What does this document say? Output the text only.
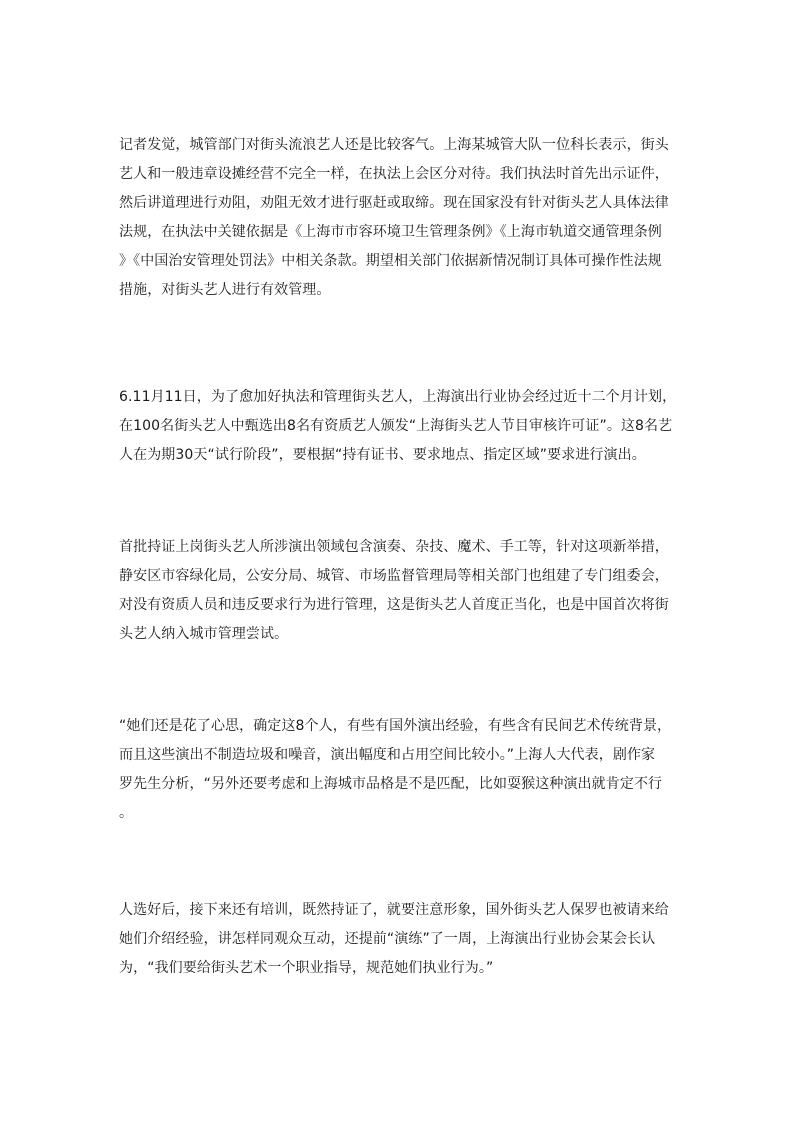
记者发觉，城管部门对街头流浪艺人还是比较客气。上海某城管大队一位科长表示，街头
艺人和一般违章设摊经营不完全一样，在执法上会区分对待。我们执法时首先出示证件，
然后讲道理进行劝阻，劝阻无效才进行驱赶或取缔。现在国家没有针对街头艺人具体法律
法规，在执法中关键依据是《上海市市容环境卫生管理条例》《上海市轨道交通管理条例
》《中国治安管理处罚法》中相关条款。期望相关部门依据新情况制订具体可操作性法规
措施，对街头艺人进行有效管理。
6.11月11日，为了愈加好执法和管理街头艺人，上海演出行业协会经过近十二个月计划，
在100名街头艺人中甄选出8名有资质艺人颁发“上海街头艺人节目审核许可证”。这8名艺
人在为期30天“试行阶段”，要根据“持有证书、要求地点、指定区域”要求进行演出。
首批持证上岗街头艺人所涉演出领域包含演奏、杂技、魔术、手工等，针对这项新举措，
静安区市容绿化局，公安分局、城管、市场监督管理局等相关部门也组建了专门组委会，
对没有资质人员和违反要求行为进行管理，这是街头艺人首度正当化，也是中国首次将街
头艺人纳入城市管理尝试。
“她们还是花了心思，确定这8个人，有些有国外演出经验，有些含有民间艺术传统背景，
而且这些演出不制造垃圾和噪音，演出幅度和占用空间比较小。”上海人大代表，剧作家
罗先生分析，“另外还要考虑和上海城市品格是不是匹配，比如耍猴这种演出就肯定不行
。
人选好后，接下来还有培训，既然持证了，就要注意形象，国外街头艺人保罗也被请来给
她们介绍经验，讲怎样同观众互动，还提前“演练”了一周，上海演出行业协会某会长认
为，“我们要给街头艺术一个职业指导，规范她们执业行为。”
